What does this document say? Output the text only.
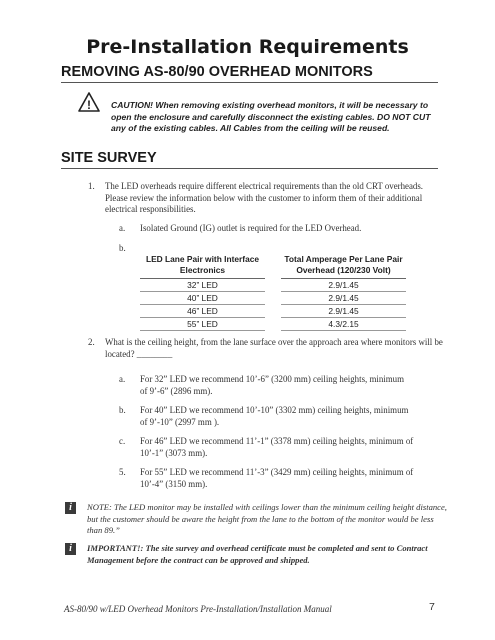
Pre-Installation Requirements
REMOVING AS-80/90 OVERHEAD MONITORS
! CAUTION! When removing existing overhead monitors, it will be necessary to open the enclosure and carefully disconnect the existing cables. DO NOT CUT any of the existing cables. All Cables from the ceiling will be reused.
SITE SURVEY
1. The LED overheads require different electrical requirements than the old CRT overheads. Please review the information below with the customer to inform them of their additional electrical responsibilities.
a. Isolated Ground (IG) outlet is required for the LED Overhead.
b.
LED Lane Pair with Interface Electronics		Total Amperage Per Lane Pair Overhead (120/230 Volt)
32” LED		2.9/1.45
40” LED		2.9/1.45
46” LED		2.9/1.45
55” LED		4.3/2.15
2. What is the ceiling height, from the lane surface over the approach area where monitors will be located? ________
a. For 32” LED we recommend 10’-6” (3200 mm) ceiling heights, minimum of 9’-6” (2896 mm).
b. For 40” LED we recommend 10’-10” (3302 mm) ceiling heights, minimum of 9’-10” (2997 mm ).
c. For 46” LED we recommend 11’-1” (3378 mm) ceiling heights, minimum of 10’-1” (3073 mm).
5. For 55” LED we recommend 11’-3” (3429 mm) ceiling heights, minimum of 10’-4” (3150 mm).
i	NOTE: The LED monitor may be installed with ceilings lower than the minimum ceiling height distance, but the customer should be aware the height from the lane to the bottom of the monitor would be less than 89.”
i	IMPORTANT!: The site survey and overhead certificate must be completed and sent to Contract Management before the contract can be approved and shipped.
AS-80/90 w/LED Overhead Monitors Pre-Installation/Installation Manual	7
